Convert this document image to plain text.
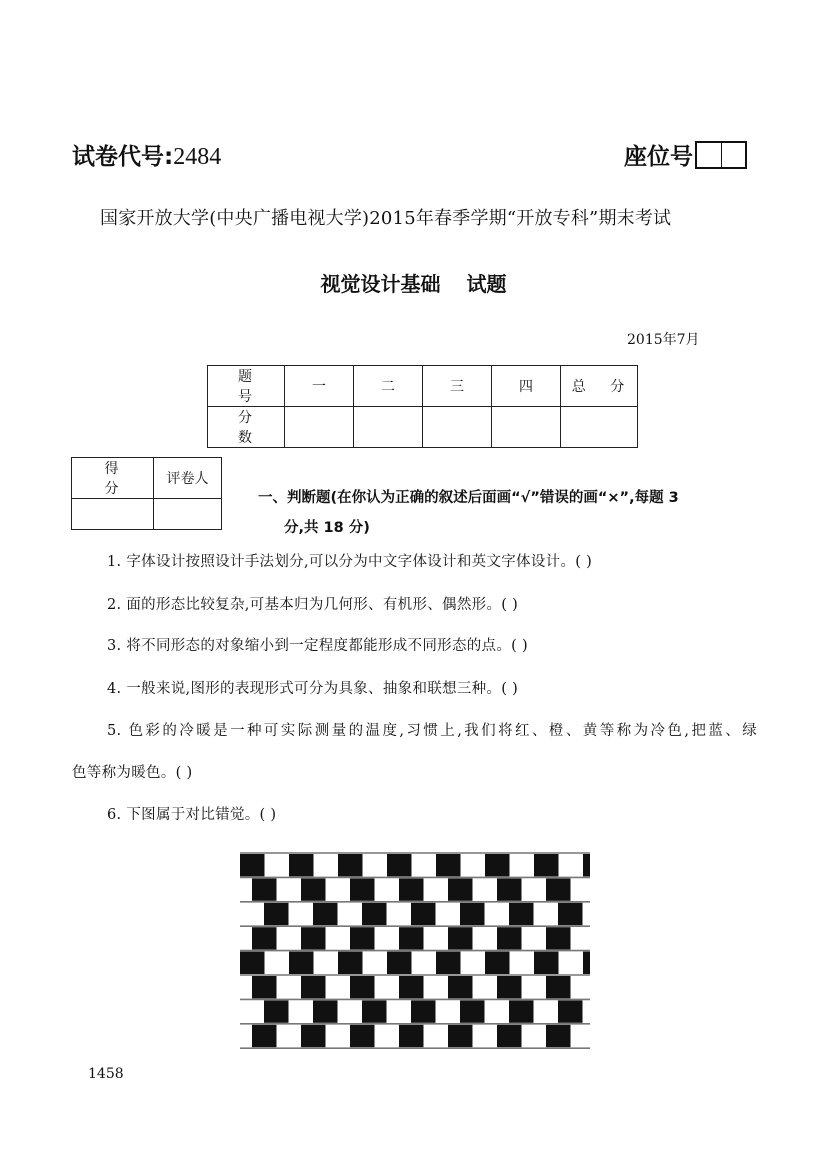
试卷代号:2484	座位号
国家开放大学(中央广播电视大学)2015年春季学期“开放专科”期末考试
视觉设计基础 试题
2015年7月
题 号	一	二	三	四	总 分
分 数					
得 分	评卷人

一、判断题(在你认为正确的叙述后面画“√”错误的画“×”,每题 3
分,共 18 分)
1. 字体设计按照设计手法划分,可以分为中文字体设计和英文字体设计。( )
2. 面的形态比较复杂,可基本归为几何形、有机形、偶然形。( )
3. 将不同形态的对象缩小到一定程度都能形成不同形态的点。( )
4. 一般来说,图形的表现形式可分为具象、抽象和联想三种。( )
5. 色彩的冷暖是一种可实际测量的温度,习惯上,我们将红、橙、黄等称为冷色,把蓝、绿
色等称为暖色。( )
6. 下图属于对比错觉。( )
1458
